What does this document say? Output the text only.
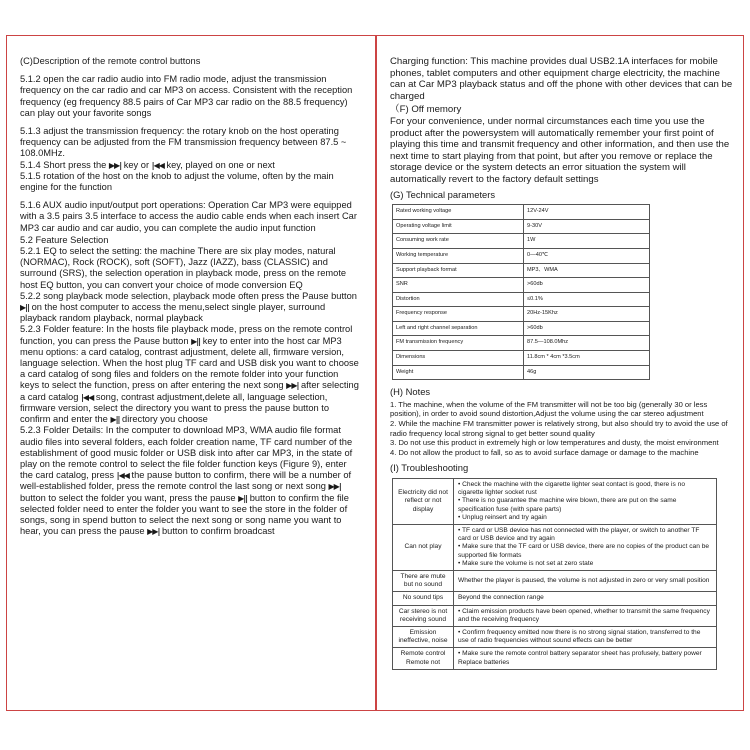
(C)Description of the remote control buttons

5.1.2 open the car radio audio into FM radio mode, adjust the transmission frequency on the car radio and car MP3 on access. Consistent with the reception frequency (eg frequency 88.5 pairs of Car MP3 car radio on the 88.5 frequency) can play out your favorite songs

5.1.3 adjust the transmission frequency: the rotary knob on the host operating frequency can be adjusted from the FM transmission frequency between 87.5 ~ 108.0MHz.

5.1.4 Short press the ▶▶| key or |◀◀ key, played on one or next

5.1.5 rotation of the host on the knob to adjust the volume, often by the main engine for the function

5.1.6 AUX audio input/output port operations: Operation Car MP3 were equipped with a 3.5 pairs 3.5 interface to access the audio cable ends when each insert Car MP3 car audio and car audio, you can complete the audio input function

5.2 Feature Selection

5.2.1 EQ to select the setting: the machine There are six play modes, natural (NORMAC), Rock (ROCK), soft (SOFT), Jazz (IAZZ), bass (CLASSIC) and surround (SRS), the selection operation in playback mode, press on the remote host EQ button, you can convert your choice of mode conversion EQ

5.2.2 song playback mode selection, playback mode often press the Pause button ▶|| on the host computer to access the menu,select single player, surround playback random playback, normal playback

5.2.3 Folder feature: In the hosts file playback mode, press on the remote control function, you can press the Pause button ▶|| key to enter into the host car MP3 menu options: a card catalog, contrast adjustment, delete all, firmware version, language selection. When the host plug TF card and USB disk you want to choose a card catalog of song files and folders on the remote folder into your function keys to select the function, press on after entering the next song ▶▶| after selecting a card catalog |◀◀ song, contrast adjustment,delete all, language selection, firmware version, select the directory you want to press the pause button to confirm and enter the ▶|| directory you choose

5.2.3 Folder Details: In the computer to download MP3, WMA audio file format audio files into several folders, each folder creation name, TF card number of the establishment of good music folder or USB disk into after car MP3, in the state of play on the remote control to select the file folder function keys (Figure 9), enter the card catalog, press |◀◀ the pause button to confirm, there will be a number of well-established folder, press the remote control the last song or next song ▶▶| button to select the folder you want, press the pause ▶|| button to confirm the file selected folder need to enter the folder you want to see the store in the folder of songs, song in spend button to select the next song or song name you want to hear, you can press the pause ▶▶| button to confirm broadcast

Charging function: This machine provides dual USB2.1A interfaces for mobile phones, tablet computers and other equipment charge electricity, the machine can at Car MP3 playback status and off the phone with other devices that can be charged

（F) Off memory

For your convenience, under normal circumstances each time you use the product after the powersystem will automatically remember your first point of playing this time and transmit frequency and other information, and then use the next time to start playing from that point, but after you remove or replace the storage device or the system detects an error situation the system will automatically revert to the factory default settings

(G) Technical parameters

Rated working voltage	12V-24V
Operating voltage limit	9-30V
Consuming work rate	1W
Working temperature	0—40℃
Support playback format	MP3、WMA
SNR	>60db
Distortion	≤0.1%
Frequency response	20Hz-15Khz
Left and right channel separation	>60db
FM transmission frequency	87.5—108.0Mhz
Dimensions	11.8cm * 4cm *3.5cm
Weight	46g

(H) Notes

1. The machine, when the volume of the FM transmitter will not be too big (generally 30 or less position), in order to avoid sound distortion,Adjust the volume using the car stereo adjustment

2. While the machine FM transmitter power is relatively strong, but also should try to avoid the use of radio frequency local strong signal to get better sound quality

3. Do not use this product in extremely high or low temperatures and dusty, the moist environment

4. Do not allow the product to fall, so as to avoid surface damage or damage to the machine

(I) Troubleshooting

Electricity did not reflect or not display	• Check the machine with the cigarette lighter seat contact is good, there is no cigarette lighter socket rust
• There is no guarantee the machine wire blown, there are put on the same specification fuse (with spare parts)
• Unplug reinsert and try again
Can not play	• TF card or USB device has not connected with the player, or switch to another TF card or USB device and try again
• Make sure that the TF card or USB device, there are no copies of the product can be supported file formats
• Make sure the volume is not set at zero state
There are mute but no sound	Whether the player is paused, the volume is not adjusted in zero or very small position
No sound tips	Beyond the connection range
Car stereo is not receiving sound	• Claim emission products have been opened, whether to transmit the same frequency and the receiving frequency
Emission ineffective, noise	• Confirm frequency emitted now there is no strong signal station, transferred to the use of radio frequencies without sound effects can be better
Remote control Remote not	• Make sure the remote control battery separator sheet has profusely, battery power Replace batteries
